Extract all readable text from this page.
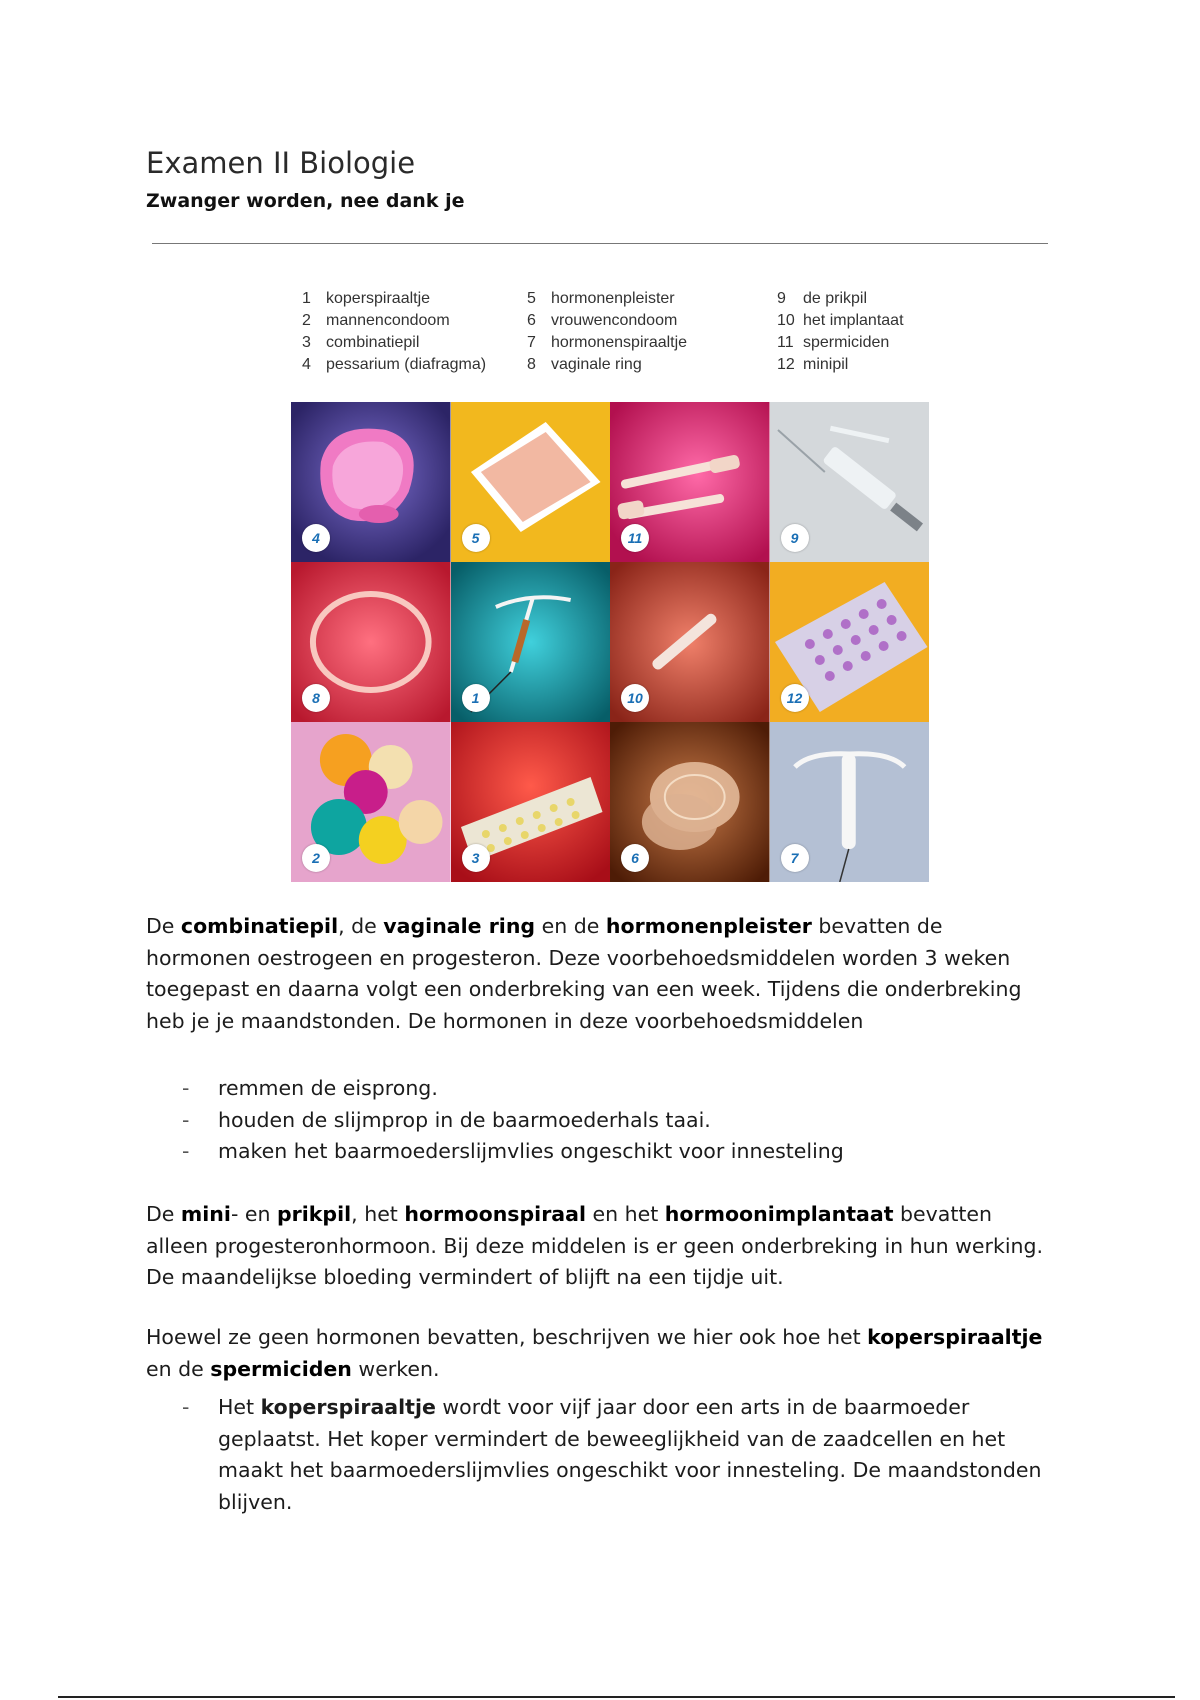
Examen II Biologie
Zwanger worden, nee dank je
1 koperspiraaltje
2 mannencondoom
3 combinatiepil
4 pessarium (diafragma)
5 hormonenpleister
6 vrouwencondoom
7 hormonenspiraaltje
8 vaginale ring
9 de prikpil
10 het implantaat
11 spermiciden
12 minipil
4	5	11	9
8	1	10	12
2	3	6	7

De combinatiepil, de vaginale ring en de hormonenpleister bevatten de hormonen oestrogeen en progesteron. Deze voorbehoedsmiddelen worden 3 weken toegepast en daarna volgt een onderbreking van een week. Tijdens die onderbreking heb je je maandstonden. De hormonen in deze voorbehoedsmiddelen

- remmen de eisprong.
- houden de slijmprop in de baarmoederhals taai.
- maken het baarmoederslijmvlies ongeschikt voor innesteling

De mini- en prikpil, het hormoonspiraal en het hormoonimplantaat bevatten alleen progesteronhormoon. Bij deze middelen is er geen onderbreking in hun werking. De maandelijkse bloeding vermindert of blijft na een tijdje uit.

Hoewel ze geen hormonen bevatten, beschrijven we hier ook hoe het koperspiraaltje en de spermiciden werken.

- Het koperspiraaltje wordt voor vijf jaar door een arts in de baarmoeder geplaatst. Het koper vermindert de beweeglijkheid van de zaadcellen en het maakt het baarmoederslijmvlies ongeschikt voor innesteling. De maandstonden blijven.
